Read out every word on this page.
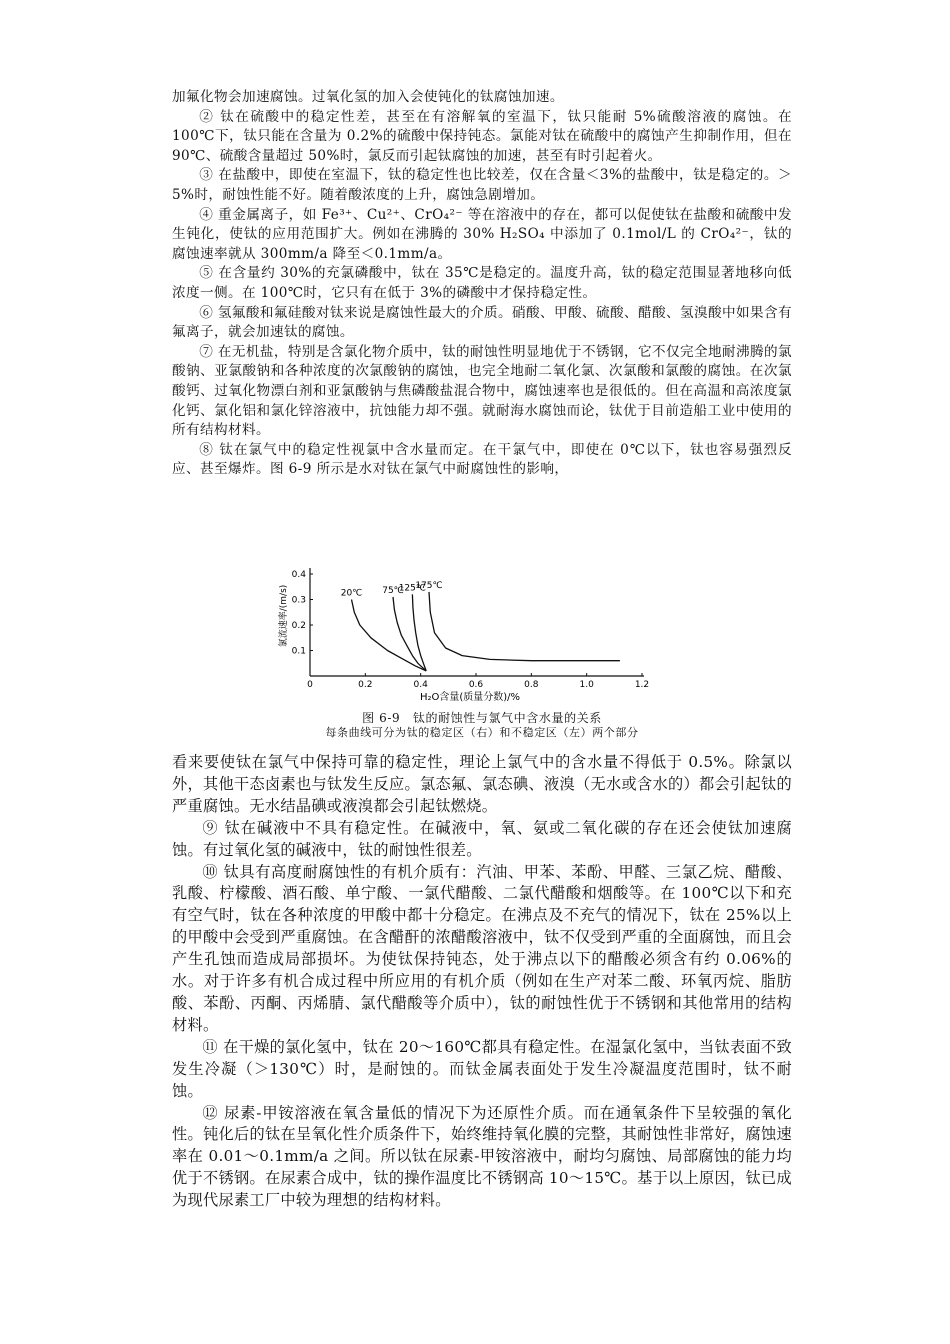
加氟化物会加速腐蚀。过氧化氢的加入会使钝化的钛腐蚀加速。

② 钛在硫酸中的稳定性差，甚至在有溶解氧的室温下，钛只能耐 5%硫酸溶液的腐蚀。在 100℃下，钛只能在含量为 0.2%的硫酸中保持钝态。氯能对钛在硫酸中的腐蚀产生抑制作用，但在 90℃、硫酸含量超过 50%时，氯反而引起钛腐蚀的加速，甚至有时引起着火。

③ 在盐酸中，即使在室温下，钛的稳定性也比较差，仅在含量＜3%的盐酸中，钛是稳定的。＞5%时，耐蚀性能不好。随着酸浓度的上升，腐蚀急剧增加。

④ 重金属离子，如 Fe³⁺、Cu²⁺、CrO₄²⁻ 等在溶液中的存在，都可以促使钛在盐酸和硫酸中发生钝化，使钛的应用范围扩大。例如在沸腾的 30% H₂SO₄ 中添加了 0.1mol/L 的 CrO₄²⁻，钛的腐蚀速率就从 300mm/a 降至＜0.1mm/a。

⑤ 在含量约 30%的充氯磷酸中，钛在 35℃是稳定的。温度升高，钛的稳定范围显著地移向低浓度一侧。在 100℃时，它只有在低于 3%的磷酸中才保持稳定性。

⑥ 氢氟酸和氟硅酸对钛来说是腐蚀性最大的介质。硝酸、甲酸、硫酸、醋酸、氢溴酸中如果含有氟离子，就会加速钛的腐蚀。

⑦ 在无机盐，特别是含氯化物介质中，钛的耐蚀性明显地优于不锈钢，它不仅完全地耐沸腾的氯酸钠、亚氯酸钠和各种浓度的次氯酸钠的腐蚀，也完全地耐二氧化氯、次氯酸和氯酸的腐蚀。在次氯酸钙、过氧化物漂白剂和亚氯酸钠与焦磷酸盐混合物中，腐蚀速率也是很低的。但在高温和高浓度氯化钙、氯化铝和氯化锌溶液中，抗蚀能力却不强。就耐海水腐蚀而论，钛优于目前造船工业中使用的所有结构材料。

⑧ 钛在氯气中的稳定性视氯中含水量而定。在干氯气中，即使在 0℃以下，钛也容易强烈反应、甚至爆炸。图 6-9 所示是水对钛在氯气中耐腐蚀性的影响，

0	0.2	0.4	0.6	0.8	1.0	1.2
0.1
0.2
0.3
0.4
20℃ 75℃
125℃
175℃
氯流速率/(m/s)
H₂O含量(质量分数)/%
图 6-9　钛的耐蚀性与氯气中含水量的关系
每条曲线可分为钛的稳定区（右）和不稳定区（左）两个部分

看来要使钛在氯气中保持可靠的稳定性，理论上氯气中的含水量不得低于 0.5%。除氯以外，其他干态卤素也与钛发生反应。氯态氟、氯态碘、液溴（无水或含水的）都会引起钛的严重腐蚀。无水结晶碘或液溴都会引起钛燃烧。

⑨ 钛在碱液中不具有稳定性。在碱液中，氧、氨或二氧化碳的存在还会使钛加速腐蚀。有过氧化氢的碱液中，钛的耐蚀性很差。

⑩ 钛具有高度耐腐蚀性的有机介质有：汽油、甲苯、苯酚、甲醛、三氯乙烷、醋酸、乳酸、柠檬酸、酒石酸、单宁酸、一氯代醋酸、二氯代醋酸和烟酸等。在 100℃以下和充有空气时，钛在各种浓度的甲酸中都十分稳定。在沸点及不充气的情况下，钛在 25%以上的甲酸中会受到严重腐蚀。在含醋酐的浓醋酸溶液中，钛不仅受到严重的全面腐蚀，而且会产生孔蚀而造成局部损坏。为使钛保持钝态，处于沸点以下的醋酸必须含有约 0.06%的水。对于许多有机合成过程中所应用的有机介质（例如在生产对苯二酸、环氧丙烷、脂肪酸、苯酚、丙酮、丙烯腈、氯代醋酸等介质中），钛的耐蚀性优于不锈钢和其他常用的结构材料。

⑪ 在干燥的氯化氢中，钛在 20～160℃都具有稳定性。在湿氯化氢中，当钛表面不致发生冷凝（＞130℃）时，是耐蚀的。而钛金属表面处于发生冷凝温度范围时，钛不耐蚀。

⑫ 尿素-甲铵溶液在氧含量低的情况下为还原性介质。而在通氧条件下呈较强的氧化性。钝化后的钛在呈氧化性介质条件下，始终维持氧化膜的完整，其耐蚀性非常好，腐蚀速率在 0.01～0.1mm/a 之间。所以钛在尿素-甲铵溶液中，耐均匀腐蚀、局部腐蚀的能力均优于不锈钢。在尿素合成中，钛的操作温度比不锈钢高 10～15℃。基于以上原因，钛已成为现代尿素工厂中较为理想的结构材料。
